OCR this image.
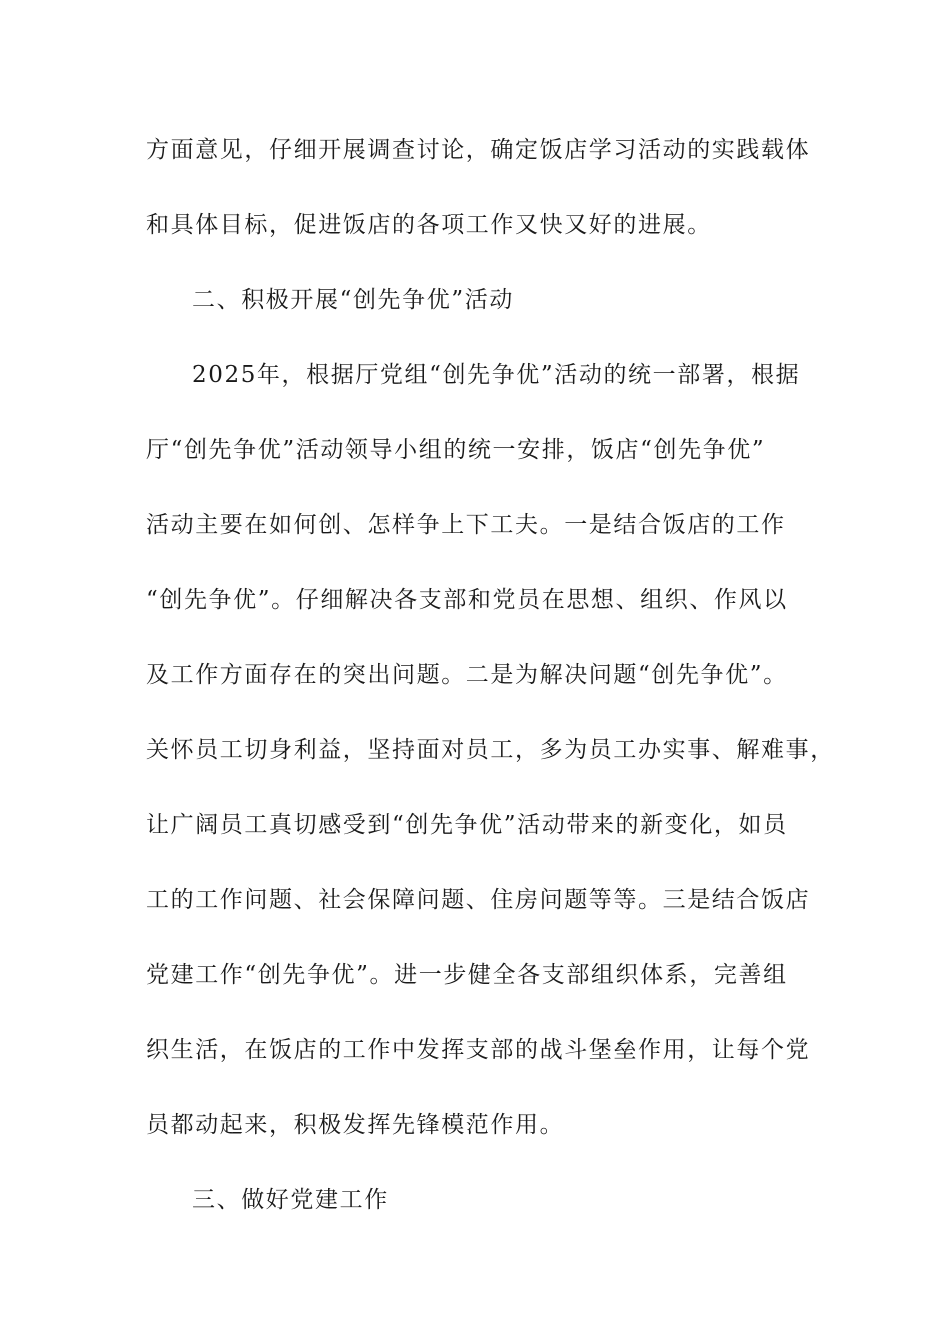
方面意见，仔细开展调查讨论，确定饭店学习活动的实践载体
和具体目标，促进饭店的各项工作又快又好的进展。
二、积极开展“创先争优”活动
2025年，根据厅党组“创先争优”活动的统一部署，根据
厅“创先争优”活动领导小组的统一安排，饭店“创先争优”
活动主要在如何创、怎样争上下工夫。一是结合饭店的工作
“创先争优”。仔细解决各支部和党员在思想、组织、作风以
及工作方面存在的突出问题。二是为解决问题“创先争优”。
关怀员工切身利益，坚持面对员工，多为员工办实事、解难事，
让广阔员工真切感受到“创先争优”活动带来的新变化，如员
工的工作问题、社会保障问题、住房问题等等。三是结合饭店
党建工作“创先争优”。进一步健全各支部组织体系，完善组
织生活，在饭店的工作中发挥支部的战斗堡垒作用，让每个党
员都动起来，积极发挥先锋模范作用。
三、做好党建工作
